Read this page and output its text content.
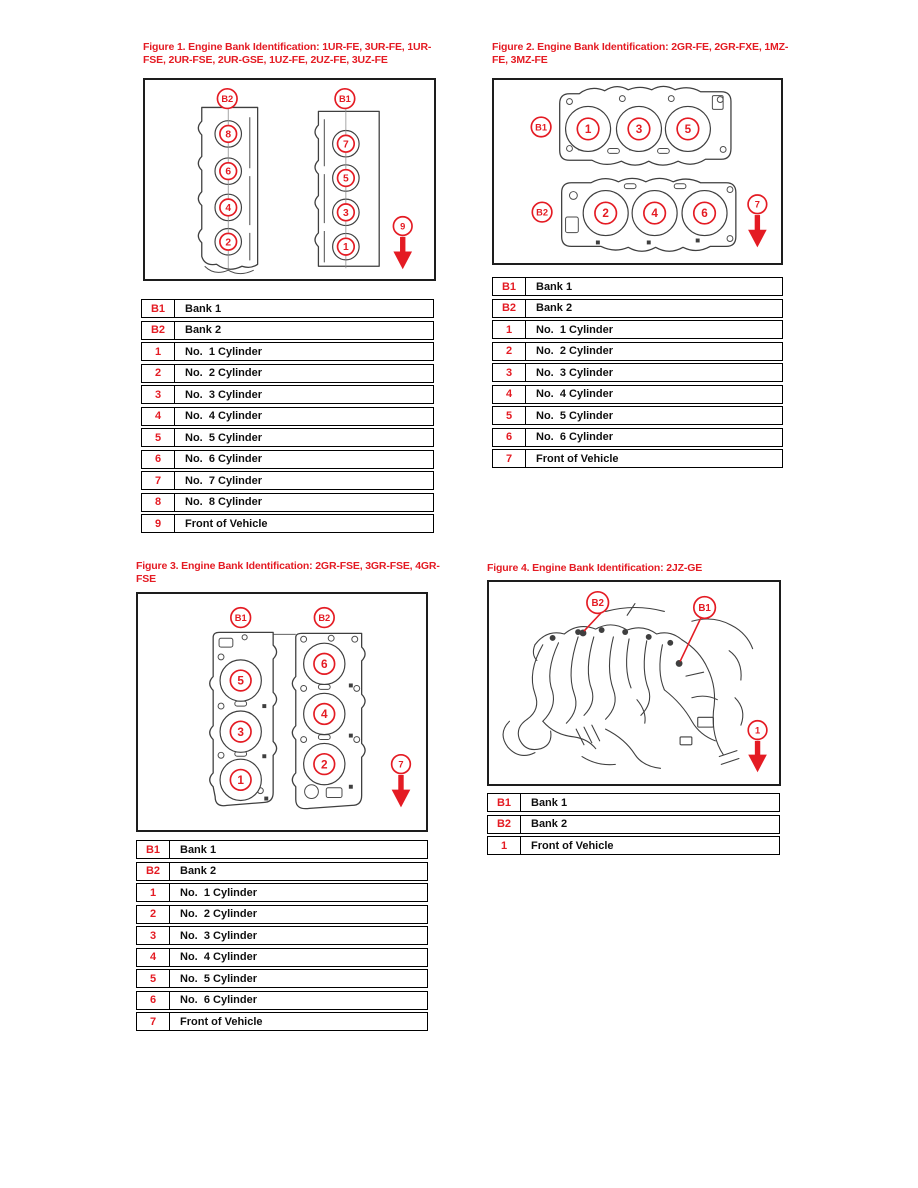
Figure 1. Engine Bank Identification: 1UR-FE, 3UR-FE, 1UR-FSE, 2UR-FSE, 2UR-GSE, 1UZ-FE, 2UZ-FE, 3UZ-FE
8
6
4
2
7
5
3
1
B2	B1
9
B1	Bank 1
B2	Bank 2
1	No.  1 Cylinder
2	No.  2 Cylinder
3	No.  3 Cylinder
4	No.  4 Cylinder
5	No.  5 Cylinder
6	No.  6 Cylinder
7	No.  7 Cylinder
8	No.  8 Cylinder
9	Front of Vehicle
Figure 2. Engine Bank Identification: 2GR-FE, 2GR-FXE, 1MZ-FE, 3MZ-FE
1	3	5
2	4	6
B1
B2
7
B1	Bank 1
B2	Bank 2
1	No.  1 Cylinder
2	No.  2 Cylinder
3	No.  3 Cylinder
4	No.  4 Cylinder
5	No.  5 Cylinder
6	No.  6 Cylinder
7	Front of Vehicle
Figure 3. Engine Bank Identification: 2GR-FSE, 3GR-FSE, 4GR-FSE
5
3
1
6
4
2
B1	B2
7
B1	Bank 1
B2	Bank 2
1	No.  1 Cylinder
2	No.  2 Cylinder
3	No.  3 Cylinder
4	No.  4 Cylinder
5	No.  5 Cylinder
6	No.  6 Cylinder
7	Front of Vehicle
Figure 4. Engine Bank Identification: 2JZ-GE
B2	B1
1
B1	Bank 1
B2	Bank 2
1	Front of Vehicle
